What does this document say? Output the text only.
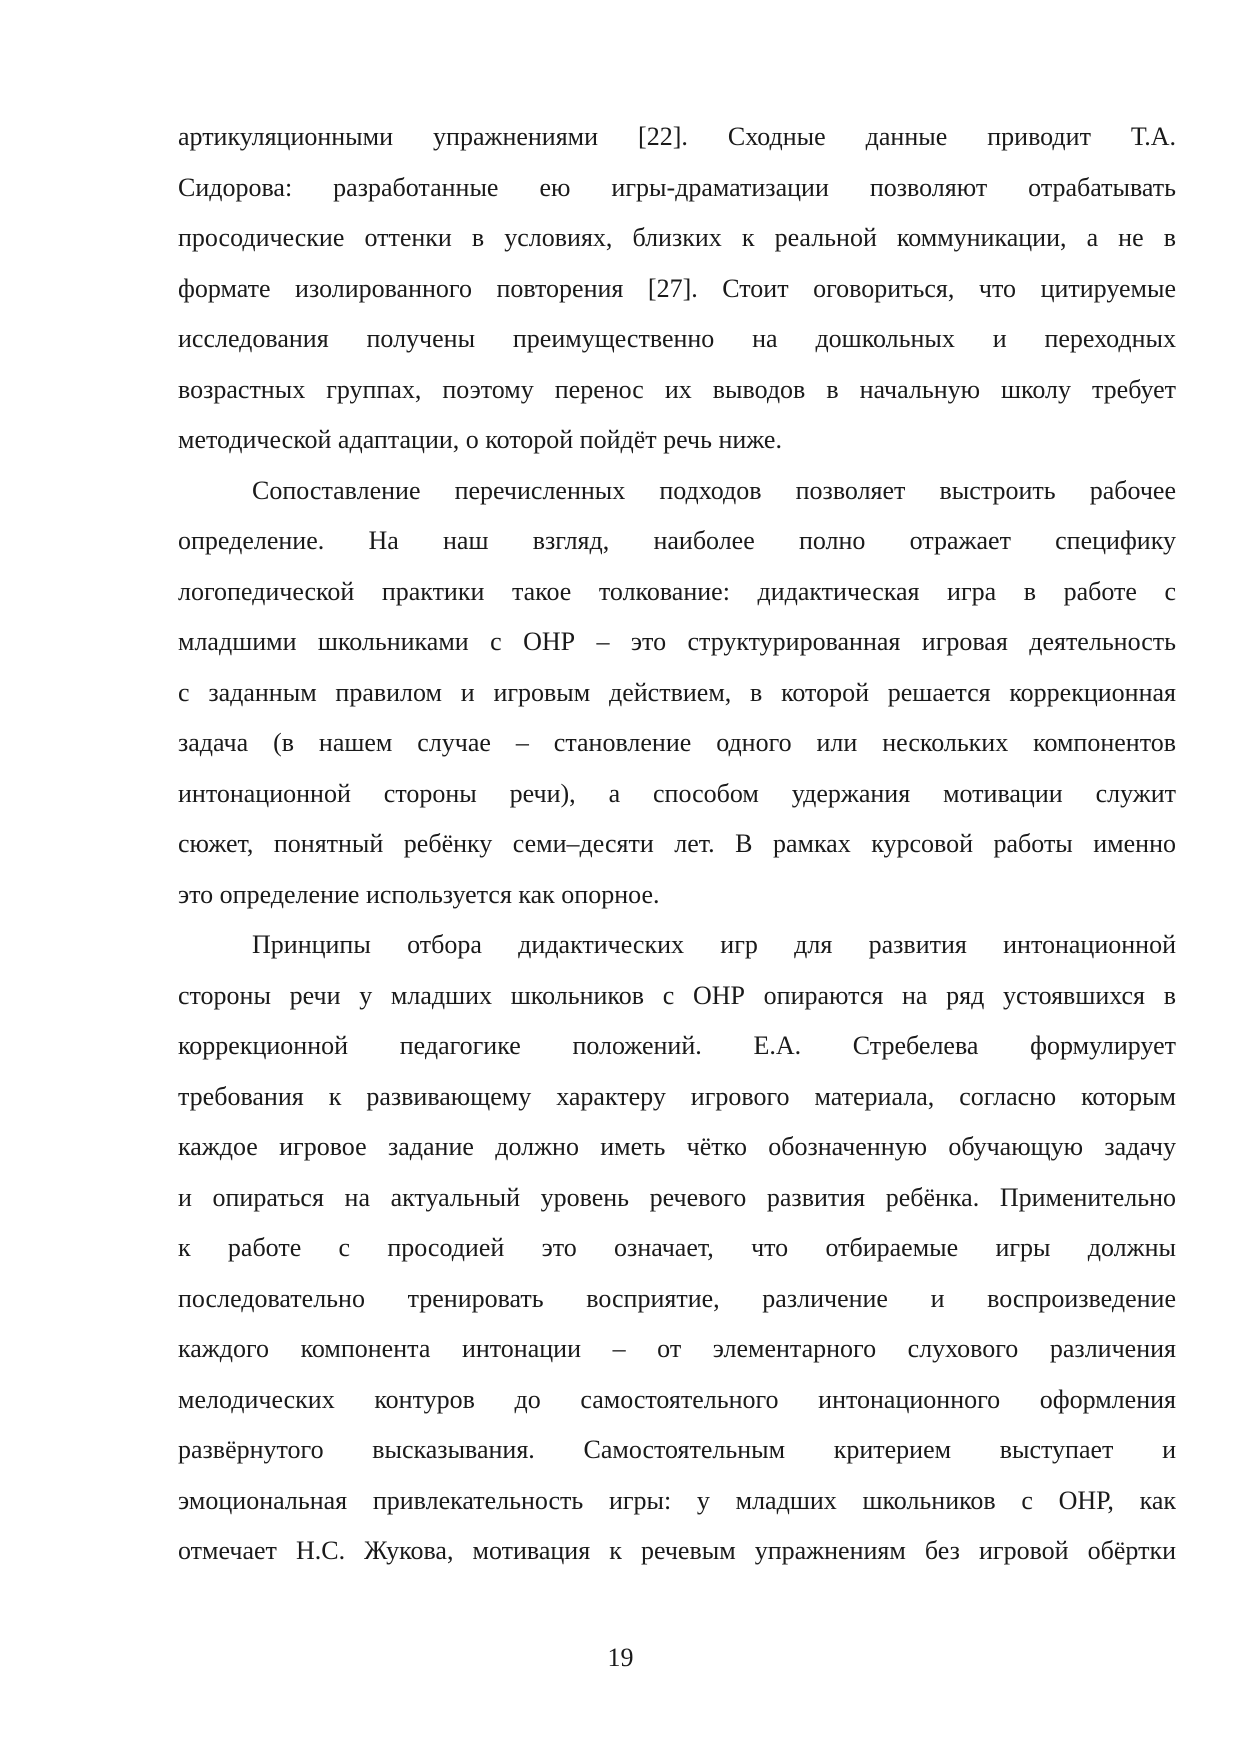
артикуляционными упражнениями [22]. Сходные данные приводит Т.А.
Сидорова: разработанные ею игры-драматизации позволяют отрабатывать
просодические оттенки в условиях, близких к реальной коммуникации, а не в
формате изолированного повторения [27]. Стоит оговориться, что цитируемые
исследования получены преимущественно на дошкольных и переходных
возрастных группах, поэтому перенос их выводов в начальную школу требует
методической адаптации, о которой пойдёт речь ниже.
Сопоставление перечисленных подходов позволяет выстроить рабочее
определение. На наш взгляд, наиболее полно отражает специфику
логопедической практики такое толкование: дидактическая игра в работе с
младшими школьниками с ОНР – это структурированная игровая деятельность
с заданным правилом и игровым действием, в которой решается коррекционная
задача (в нашем случае – становление одного или нескольких компонентов
интонационной стороны речи), а способом удержания мотивации служит
сюжет, понятный ребёнку семи–десяти лет. В рамках курсовой работы именно
это определение используется как опорное.
Принципы отбора дидактических игр для развития интонационной
стороны речи у младших школьников с ОНР опираются на ряд устоявшихся в
коррекционной педагогике положений. Е.А. Стребелева формулирует
требования к развивающему характеру игрового материала, согласно которым
каждое игровое задание должно иметь чётко обозначенную обучающую задачу
и опираться на актуальный уровень речевого развития ребёнка. Применительно
к работе с просодией это означает, что отбираемые игры должны
последовательно тренировать восприятие, различение и воспроизведение
каждого компонента интонации – от элементарного слухового различения
мелодических контуров до самостоятельного интонационного оформления
развёрнутого высказывания. Самостоятельным критерием выступает и
эмоциональная привлекательность игры: у младших школьников с ОНР, как
отмечает Н.С. Жукова, мотивация к речевым упражнениям без игровой обёртки
19
